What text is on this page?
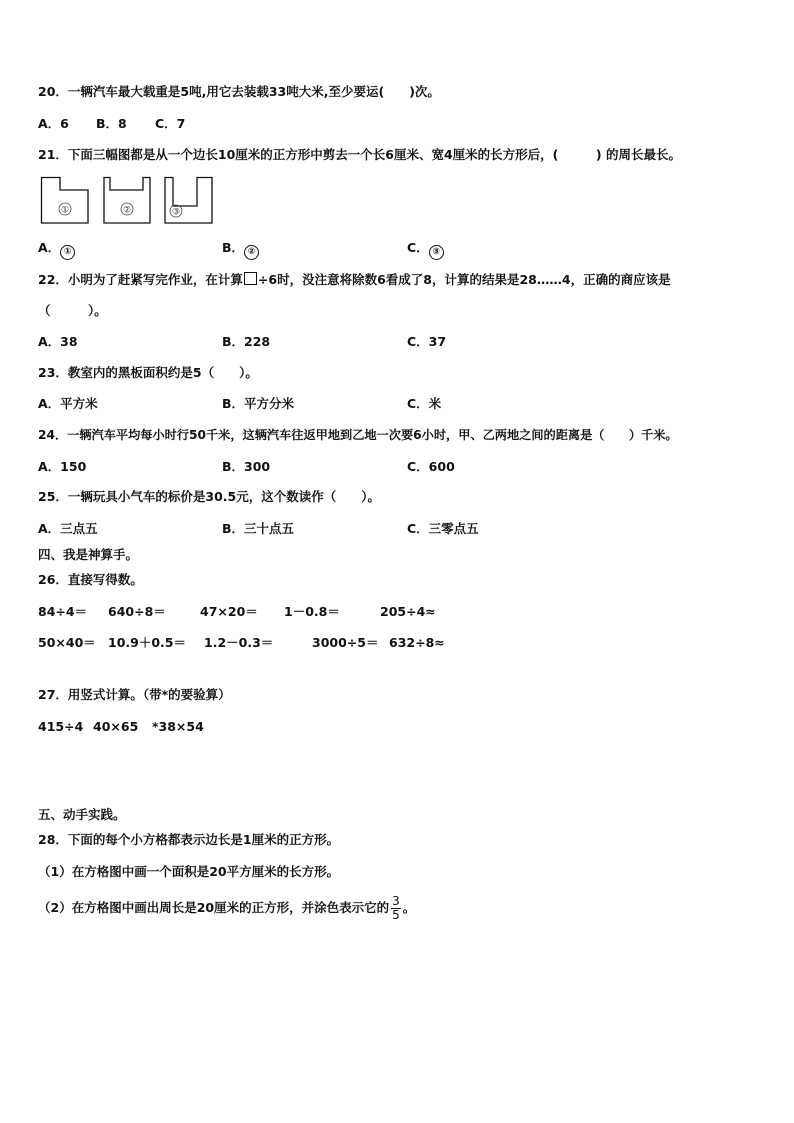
20．一辆汽车最大载重是5吨,用它去装载33吨大米,至少要运(　　)次。
A．6 B．8 C．7
21．下面三幅图都是从一个边长10厘米的正方形中剪去一个长6厘米、宽4厘米的长方形后，(　　　) 的周长最长。
①	②	③
A． ①	B． ②	C． ③
22．小明为了赶紧写完作业，在计算 ÷6时，没注意将除数6看成了8，计算的结果是28……4，正确的商应该是
（　　　）。
A．38	B．228	C．37
23．教室内的黑板面积约是5（　　）。
A．平方米	B．平方分米	C．米
24．一辆汽车平均每小时行50千米，这辆汽车往返甲地到乙地一次要6小时，甲、乙两地之间的距离是（　　）千米。
A．150	B．300	C．600
25．一辆玩具小气车的标价是30.5元，这个数读作（　　）。
A．三点五	B．三十点五	C．三零点五
四、我是神算手。
26．直接写得数。
84÷4＝ 640÷8＝	47×20＝ 1－0.8＝	205÷4≈
50×40＝ 10.9＋0.5＝ 1.2－0.3＝	3000÷5＝ 632÷8≈
27．用竖式计算。（带*的要验算）
415÷4 40×65 *38×54
五、动手实践。
28．下面的每个小方格都表示边长是1厘米的正方形。
（1）在方格图中画一个面积是20平方厘米的长方形。
（2）在方格图中画出周长是20厘米的正方形，并涂色表示它的 $\frac{3}{5}$ 。
